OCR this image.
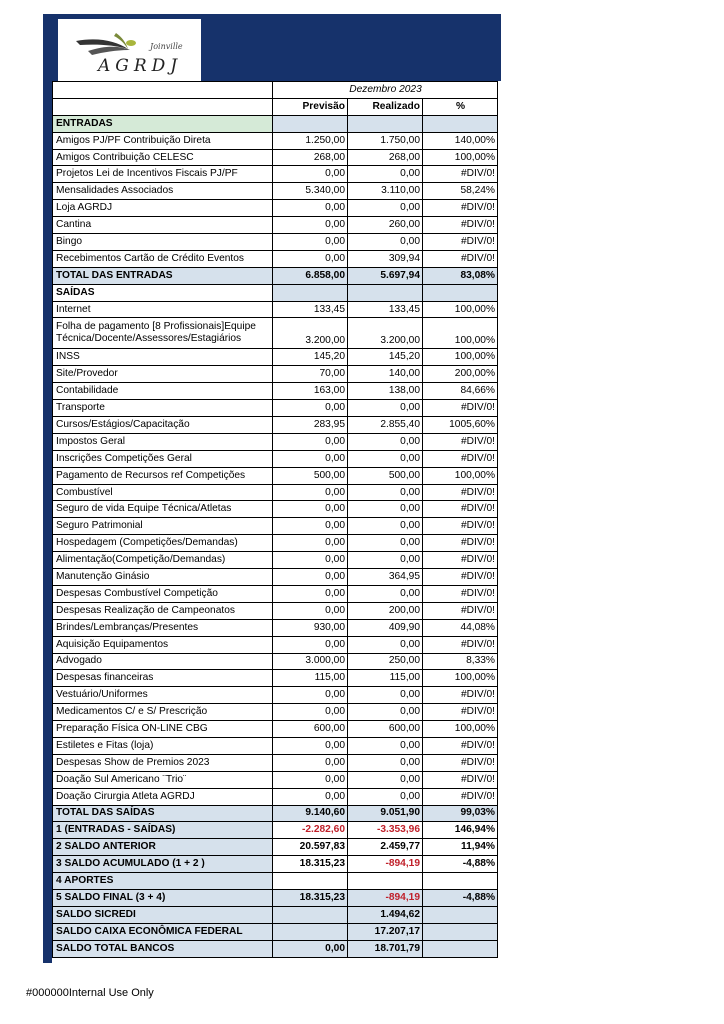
Joinville
AGRDJ
	Dezembro 2023		
	Previsão	Realizado	%
ENTRADAS			
Amigos PJ/PF Contribuição Direta	1.250,00	1.750,00	140,00%
Amigos Contribuição CELESC	268,00	268,00	100,00%
Projetos Lei de Incentivos Fiscais PJ/PF	0,00	0,00	#DIV/0!
Mensalidades Associados	5.340,00	3.110,00	58,24%
Loja AGRDJ	0,00	0,00	#DIV/0!
Cantina	0,00	260,00	#DIV/0!
Bingo	0,00	0,00	#DIV/0!
Recebimentos Cartão de Crédito Eventos	0,00	309,94	#DIV/0!
TOTAL DAS ENTRADAS	6.858,00	5.697,94	83,08%
SAÍDAS			
Internet	133,45	133,45	100,00%
Folha de pagamento [8 Profissionais]Equipe Técnica/Docente/Assessores/Estagiários	3.200,00	3.200,00	100,00%
INSS	145,20	145,20	100,00%
Site/Provedor	70,00	140,00	200,00%
Contabilidade	163,00	138,00	84,66%
Transporte	0,00	0,00	#DIV/0!
Cursos/Estágios/Capacitação	283,95	2.855,40	1005,60%
Impostos Geral	0,00	0,00	#DIV/0!
Inscrições Competições Geral	0,00	0,00	#DIV/0!
Pagamento de Recursos ref Competições	500,00	500,00	100,00%
Combustível	0,00	0,00	#DIV/0!
Seguro de vida Equipe Técnica/Atletas	0,00	0,00	#DIV/0!
Seguro Patrimonial	0,00	0,00	#DIV/0!
Hospedagem (Competições/Demandas)	0,00	0,00	#DIV/0!
Alimentação(Competição/Demandas)	0,00	0,00	#DIV/0!
Manutenção Ginásio	0,00	364,95	#DIV/0!
Despesas Combustível Competição	0,00	0,00	#DIV/0!
Despesas Realização de Campeonatos	0,00	200,00	#DIV/0!
Brindes/Lembranças/Presentes	930,00	409,90	44,08%
Aquisição Equipamentos	0,00	0,00	#DIV/0!
Advogado	3.000,00	250,00	8,33%
Despesas financeiras	115,00	115,00	100,00%
Vestuário/Uniformes	0,00	0,00	#DIV/0!
Medicamentos C/ e S/ Prescrição	0,00	0,00	#DIV/0!
Preparação Física ON-LINE CBG	600,00	600,00	100,00%
Estiletes e Fitas (loja)	0,00	0,00	#DIV/0!
Despesas Show de Premios 2023	0,00	0,00	#DIV/0!
Doação Sul Americano ¨Trio¨	0,00	0,00	#DIV/0!
Doação Cirurgia Atleta AGRDJ	0,00	0,00	#DIV/0!
TOTAL DAS SAÍDAS	9.140,60	9.051,90	99,03%
1 (ENTRADAS - SAÍDAS)	-2.282,60	-3.353,96	146,94%
2 SALDO ANTERIOR	20.597,83	2.459,77	11,94%
3 SALDO ACUMULADO (1 + 2 )	18.315,23	-894,19	-4,88%
4 APORTES			
5 SALDO FINAL (3 + 4)	18.315,23	-894,19	-4,88%
SALDO SICREDI		1.494,62	
SALDO CAIXA ECONÔMICA FEDERAL		17.207,17	
SALDO TOTAL BANCOS	0,00	18.701,79	
#000000Internal Use Only
